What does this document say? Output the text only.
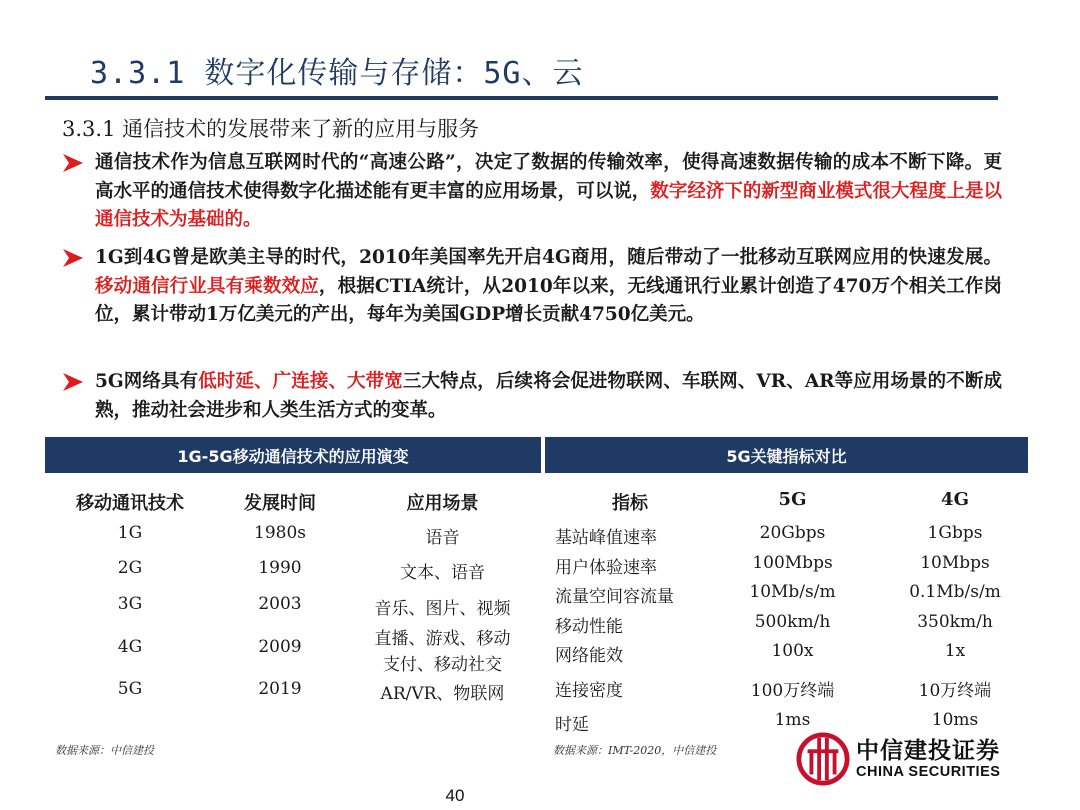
3.3.1 数字化传输与存储：5G、云
3.3.1 通信技术的发展带来了新的应用与服务
通信技术作为信息互联网时代的“高速公路”，决定了数据的传输效率，使得高速数据传输的成本不断下降。更高水平的通信技术使得数字化描述能有更丰富的应用场景，可以说，数字经济下的新型商业模式很大程度上是以通信技术为基础的。
1G到4G曾是欧美主导的时代，2010年美国率先开启4G商用，随后带动了一批移动互联网应用的快速发展。移动通信行业具有乘数效应，根据CTIA统计，从2010年以来，无线通讯行业累计创造了470万个相关工作岗位，累计带动1万亿美元的产出，每年为美国GDP增长贡献4750亿美元。
5G网络具有低时延、广连接、大带宽三大特点，后续将会促进物联网、车联网、VR、AR等应用场景的不断成熟，推动社会进步和人类生活方式的变革。
1G-5G移动通信技术的应用演变	5G关键指标对比
移动通讯技术	发展时间	应用场景
1G	1980s	语音
2G	1990	文本、语音
3G	2003	音乐、图片、视频
4G	2009	直播、游戏、移动
支付、移动社交
5G	2019	AR/VR、物联网
指标	5G	4G
基站峰值速率	20Gbps	1Gbps
用户体验速率	100Mbps	10Mbps
流量空间容流量	10Mb/s/m	0.1Mb/s/m
移动性能	500km/h	350km/h
网络能效	100x	1x
连接密度	100万终端	10万终端
时延	1ms	10ms
数据来源：中信建投	数据来源：IMT-2020，中信建投	中信建投证券
CHINA SECURITIES
40
